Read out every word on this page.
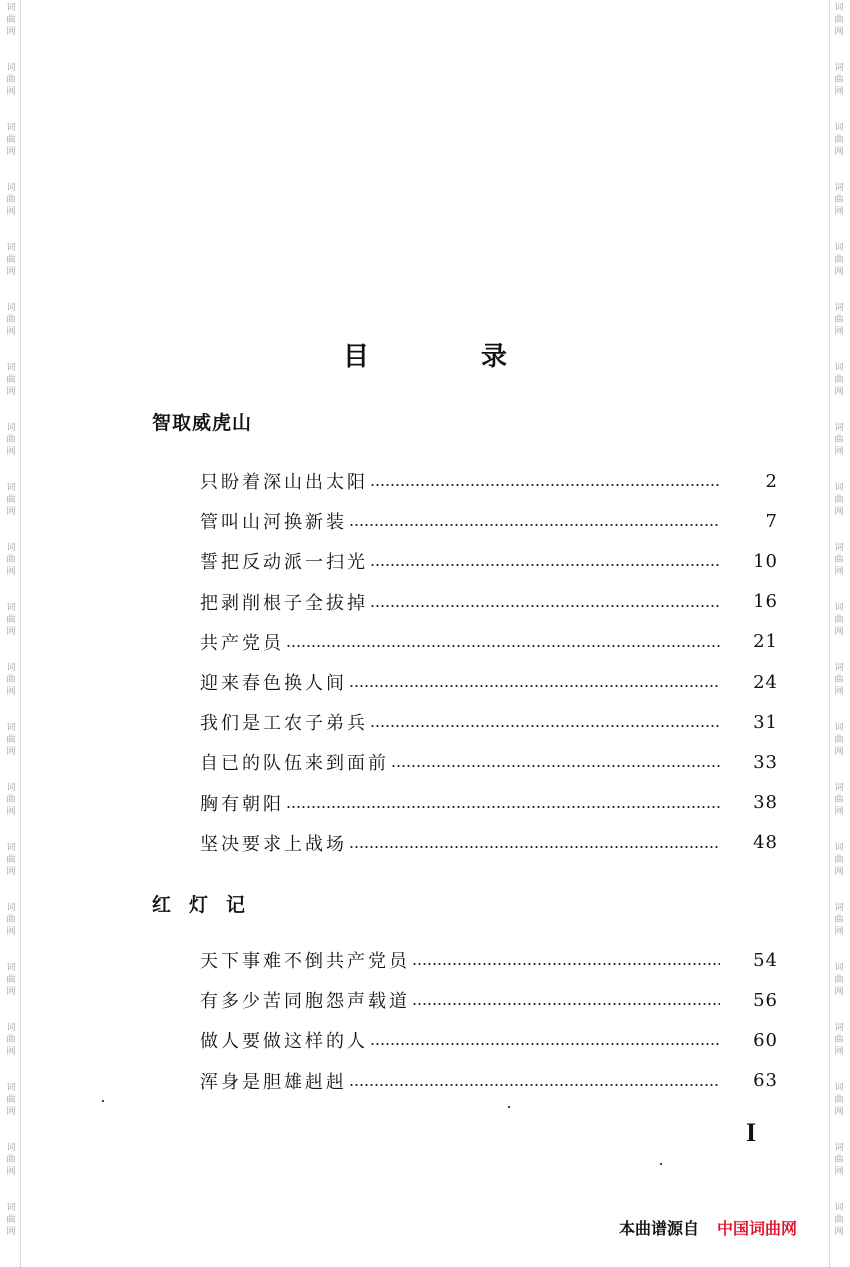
词
曲
网
词
曲
网
词
曲
网
词
曲
网
词
曲
网
词
曲
网
词
曲
网
词
曲
网
词
曲
网
词
曲
网
词
曲
网
词
曲
网
词
曲
网
词
曲
网
词
曲
网
词
曲
网
词
曲
网
词
曲
网
词
曲
网
词
曲
网
词
曲
网
词
曲
网
词
曲
网
词
曲
网
词
曲
网
词
曲
网
词
曲
网
词
曲
网
词
曲
网
词
曲
网
词
曲
网
词
曲
网
词
曲
网
词
曲
网
词
曲
网
词
曲
网
词
曲
网
词
曲
网
词
曲
网
词
曲
网
词
曲
网
词
曲
网
目	录
智取威虎山
只盼着深山出太阳	2
管叫山河换新装	7
誓把反动派一扫光	10
把剥削根子全拔掉	16
共产党员	21
迎来春色换人间	24
我们是工农子弟兵	31
自已的队伍来到面前	33
胸有朝阳	38
坚决要求上战场	48
红灯记
天下事难不倒共产党员	54
有多少苦同胞怨声载道	56
做人要做这样的人	60
浑身是胆雄赳赳	63
I
本曲谱源自 中国词曲网
